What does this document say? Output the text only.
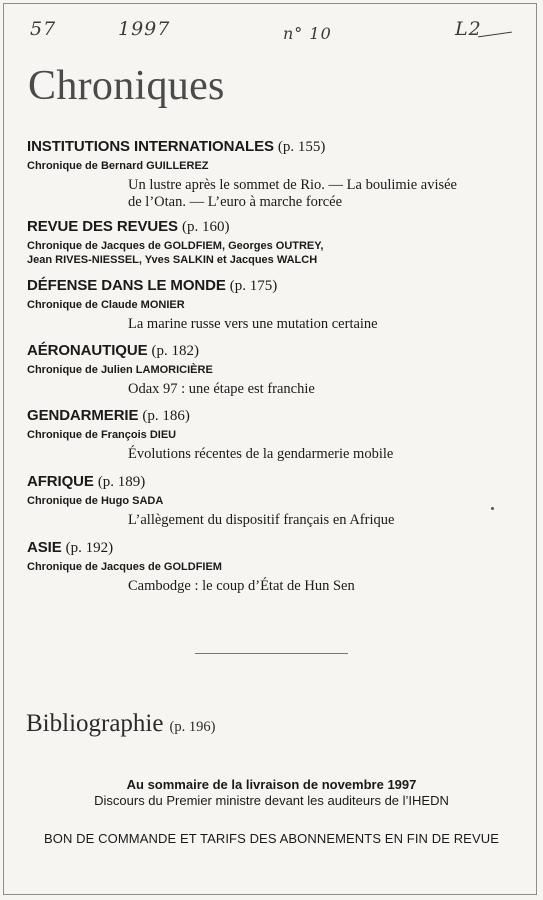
57	1997	n° 10	L2
Chroniques
INSTITUTIONS INTERNATIONALES (p. 155)
Chronique de Bernard GUILLEREZ
Un lustre après le sommet de Rio. — La boulimie avisée
de l’Otan. — L’euro à marche forcée
REVUE DES REVUES (p. 160)
Chronique de Jacques de GOLDFIEM, Georges OUTREY,
Jean RIVES-NIESSEL, Yves SALKIN et Jacques WALCH
DÉFENSE DANS LE MONDE (p. 175)
Chronique de Claude MONIER
La marine russe vers une mutation certaine
AÉRONAUTIQUE (p. 182)
Chronique de Julien LAMORICIÈRE
Odax 97 : une étape est franchie
GENDARMERIE (p. 186)
Chronique de François DIEU
Évolutions récentes de la gendarmerie mobile
AFRIQUE (p. 189)
Chronique de Hugo SADA
L’allègement du dispositif français en Afrique
ASIE (p. 192)
Chronique de Jacques de GOLDFIEM
Cambodge : le coup d’État de Hun Sen
Bibliographie (p. 196)
Au sommaire de la livraison de novembre 1997
Discours du Premier ministre devant les auditeurs de l’IHEDN
BON DE COMMANDE ET TARIFS DES ABONNEMENTS EN FIN DE REVUE
